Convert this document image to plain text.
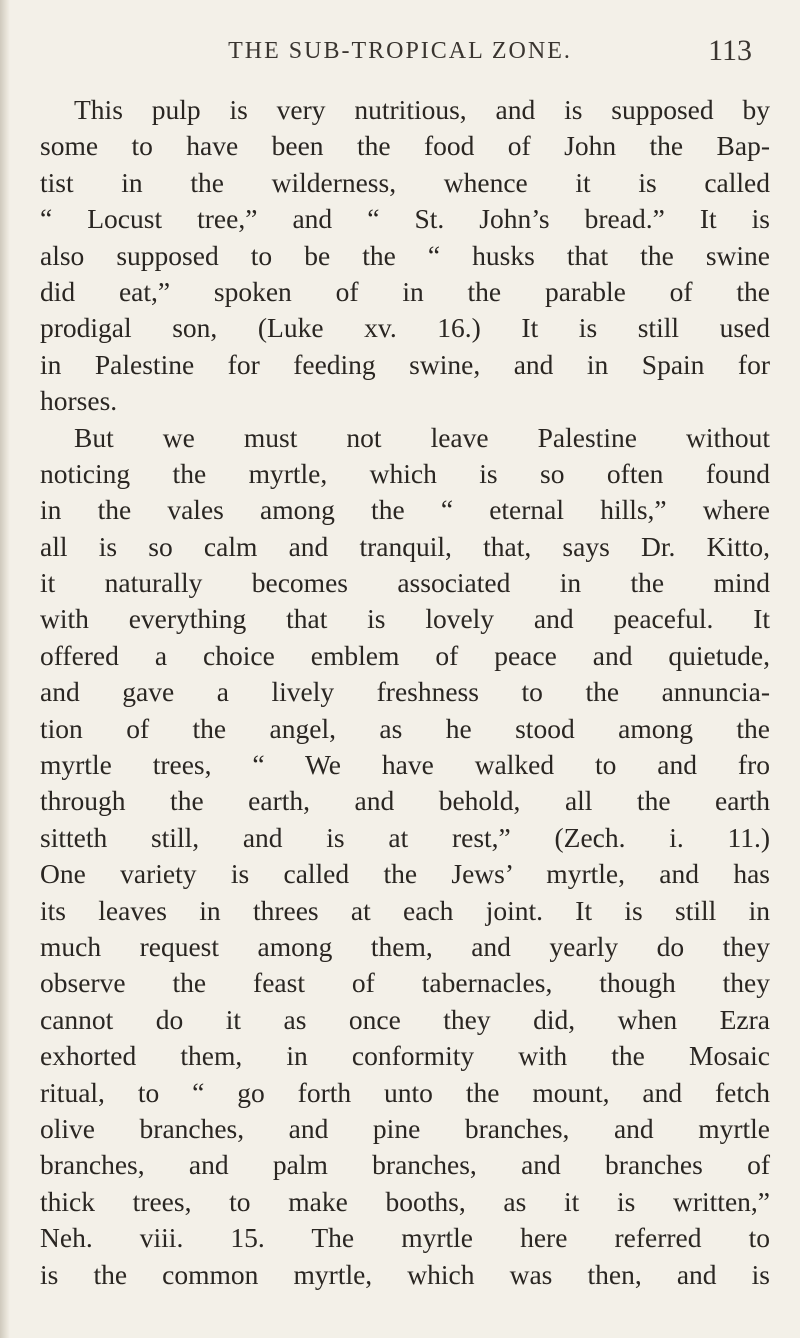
THE SUB-TROPICAL ZONE.	113
This pulp is very nutritious, and is supposed by
some to have been the food of John the Bap-
tist in the wilderness, whence it is called
“ Locust tree,” and “ St. John’s bread.” It is
also supposed to be the “ husks that the swine
did eat,” spoken of in the parable of the
prodigal son, (Luke xv. 16.) It is still used
in Palestine for feeding swine, and in Spain for
horses.
But we must not leave Palestine without
noticing the myrtle, which is so often found
in the vales among the “ eternal hills,” where
all is so calm and tranquil, that, says Dr. Kitto,
it naturally becomes associated in the mind
with everything that is lovely and peaceful. It
offered a choice emblem of peace and quietude,
and gave a lively freshness to the annuncia-
tion of the angel, as he stood among the
myrtle trees, “ We have walked to and fro
through the earth, and behold, all the earth
sitteth still, and is at rest,” (Zech. i. 11.)
One variety is called the Jews’ myrtle, and has
its leaves in threes at each joint. It is still in
much request among them, and yearly do they
observe the feast of tabernacles, though they
cannot do it as once they did, when Ezra
exhorted them, in conformity with the Mosaic
ritual, to “ go forth unto the mount, and fetch
olive branches, and pine branches, and myrtle
branches, and palm branches, and branches of
thick trees, to make booths, as it is written,”
Neh. viii. 15. The myrtle here referred to
is the common myrtle, which was then, and is
